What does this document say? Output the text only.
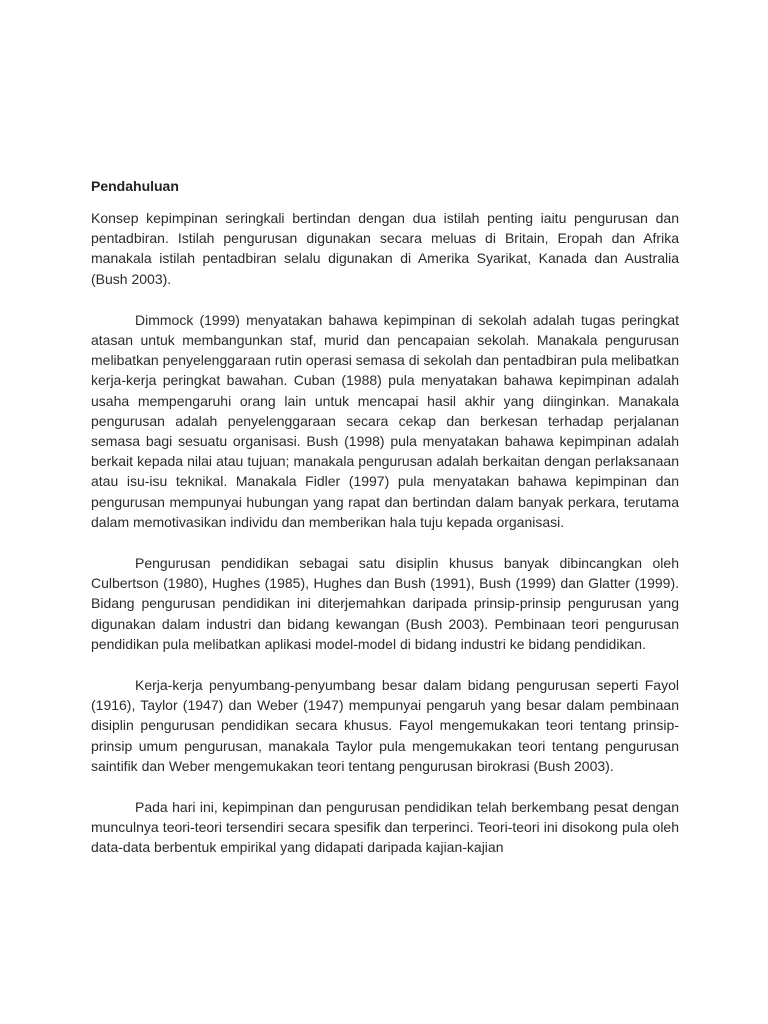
Pendahuluan

Konsep kepimpinan seringkali bertindan dengan dua istilah penting iaitu pengurusan dan pentadbiran. Istilah pengurusan digunakan secara meluas di Britain, Eropah dan Afrika manakala istilah pentadbiran selalu digunakan di Amerika Syarikat, Kanada dan Australia (Bush 2003).

Dimmock (1999) menyatakan bahawa kepimpinan di sekolah adalah tugas peringkat atasan untuk membangunkan staf, murid dan pencapaian sekolah. Manakala pengurusan melibatkan penyelenggaraan rutin operasi semasa di sekolah dan pentadbiran pula melibatkan kerja-kerja peringkat bawahan. Cuban (1988) pula menyatakan bahawa kepimpinan adalah usaha mempengaruhi orang lain untuk mencapai hasil akhir yang diinginkan. Manakala pengurusan adalah penyelenggaraan secara cekap dan berkesan terhadap perjalanan semasa bagi sesuatu organisasi. Bush (1998) pula menyatakan bahawa kepimpinan adalah berkait kepada nilai atau tujuan; manakala pengurusan adalah berkaitan dengan perlaksanaan atau isu-isu teknikal. Manakala Fidler (1997) pula menyatakan bahawa kepimpinan dan pengurusan mempunyai hubungan yang rapat dan bertindan dalam banyak perkara, terutama dalam memotivasikan individu dan memberikan hala tuju kepada organisasi.

Pengurusan pendidikan sebagai satu disiplin khusus banyak dibincangkan oleh Culbertson (1980), Hughes (1985), Hughes dan Bush (1991), Bush (1999) dan Glatter (1999). Bidang pengurusan pendidikan ini diterjemahkan daripada prinsip-prinsip pengurusan yang digunakan dalam industri dan bidang kewangan (Bush 2003). Pembinaan teori pengurusan pendidikan pula melibatkan aplikasi model-model di bidang industri ke bidang pendidikan.

Kerja-kerja penyumbang-penyumbang besar dalam bidang pengurusan seperti Fayol (1916), Taylor (1947) dan Weber (1947) mempunyai pengaruh yang besar dalam pembinaan disiplin pengurusan pendidikan secara khusus. Fayol mengemukakan teori tentang prinsip-prinsip umum pengurusan, manakala Taylor pula mengemukakan teori tentang pengurusan saintifik dan Weber mengemukakan teori tentang pengurusan birokrasi (Bush 2003).

Pada hari ini, kepimpinan dan pengurusan pendidikan telah berkembang pesat dengan munculnya teori-teori tersendiri secara spesifik dan terperinci. Teori-teori ini disokong pula oleh data-data berbentuk empirikal yang didapati daripada kajian-kajian
